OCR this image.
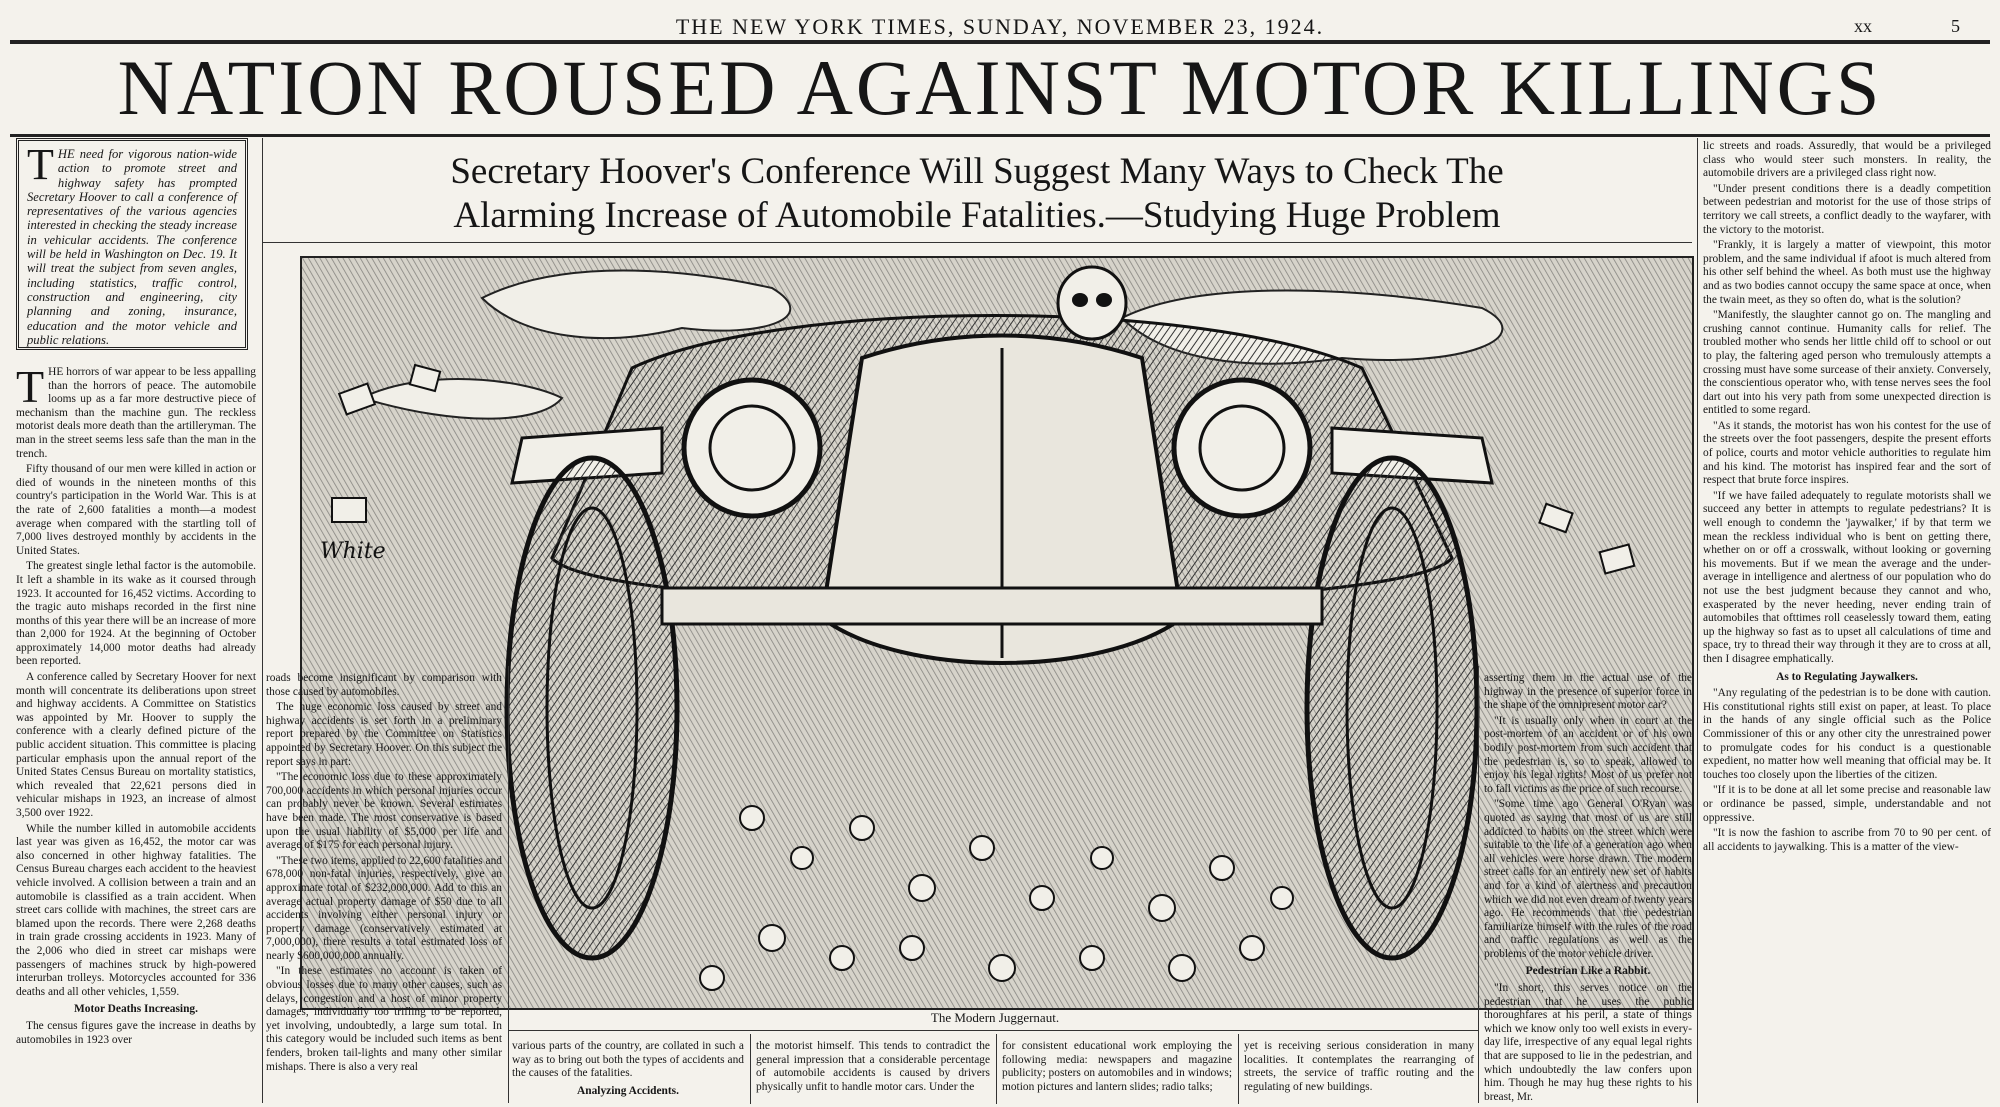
THE NEW YORK TIMES, SUNDAY, NOVEMBER 23, 1924.	xx	5
NATION ROUSED AGAINST MOTOR KILLINGS
Secretary Hoover's Conference Will Suggest Many Ways to Check The
Alarming Increase of Automobile Fatalities.—Studying Huge Problem
THE need for vigorous nation-wide action to promote street and highway safety has prompted Secretary Hoover to call a conference of representatives of the various agencies interested in checking the steady increase in vehicular accidents. The conference will be held in Washington on Dec. 19. It will treat the subject from seven angles, including statistics, traffic control, construction and engineering, city planning and zoning, insurance, education and the motor vehicle and public relations.

THE horrors of war appear to be less appalling than the horrors of peace. The automobile looms up as a far more destructive piece of mechanism than the machine gun. The reckless motorist deals more death than the artilleryman. The man in the street seems less safe than the man in the trench.

Fifty thousand of our men were killed in action or died of wounds in the nineteen months of this country's participation in the World War. This is at the rate of 2,600 fatalities a month—a modest average when compared with the startling toll of 7,000 lives destroyed monthly by accidents in the United States.

The greatest single lethal factor is the automobile. It left a shamble in its wake as it coursed through 1923. It accounted for 16,452 victims. According to the tragic auto mishaps recorded in the first nine months of this year there will be an increase of more than 2,000 for 1924. At the beginning of October approximately 14,000 motor deaths had already been reported.

A conference called by Secretary Hoover for next month will concentrate its deliberations upon street and highway accidents. A Committee on Statistics was appointed by Mr. Hoover to supply the conference with a clearly defined picture of the public accident situation. This committee is placing particular emphasis upon the annual report of the United States Census Bureau on mortality statistics, which revealed that 22,621 persons died in vehicular mishaps in 1923, an increase of almost 3,500 over 1922.

While the number killed in automobile accidents last year was given as 16,452, the motor car was also concerned in other highway fatalities. The Census Bureau charges each accident to the heaviest vehicle involved. A collision between a train and an automobile is classified as a train accident. When street cars collide with machines, the street cars are blamed upon the records. There were 2,268 deaths in train grade crossing accidents in 1923. Many of the 2,006 who died in street car mishaps were passengers of machines struck by high-powered interurban trolleys. Motorcycles accounted for 336 deaths and all other vehicles, 1,559.

Motor Deaths Increasing.

The census figures gave the increase in deaths by automobiles in 1923 over

White
The Modern Juggernaut.

roads become insignificant by comparison with those caused by automobiles.

The huge economic loss caused by street and highway accidents is set forth in a preliminary report prepared by the Committee on Statistics appointed by Secretary Hoover. On this subject the report says in part:

"The economic loss due to these approximately 700,000 accidents in which personal injuries occur can probably never be known. Several estimates have been made. The most conservative is based upon the usual liability of $5,000 per life and average of $175 for each personal injury.

"These two items, applied to 22,600 fatalities and 678,000 non-fatal injuries, respectively, give an approximate total of $232,000,000. Add to this an average actual property damage of $50 due to all accidents involving either personal injury or property damage (conservatively estimated at 7,000,000), there results a total estimated loss of nearly $600,000,000 annually.

"In these estimates no account is taken of obvious losses due to many other causes, such as delays, congestion and a host of minor property damages, individually too trifling to be reported, yet involving, undoubtedly, a large sum total. In this category would be included such items as bent fenders, broken tail-lights and many other similar mishaps. There is also a very real

asserting them in the actual use of the highway in the presence of superior force in the shape of the omnipresent motor car?

"It is usually only when in court at the post-mortem of an accident or of his own bodily post-mortem from such accident that the pedestrian is, so to speak, allowed to enjoy his legal rights! Most of us prefer not to fall victims as the price of such recourse.

"Some time ago General O'Ryan was quoted as saying that most of us are still addicted to habits on the street which were suitable to the life of a generation ago when all vehicles were horse drawn. The modern street calls for an entirely new set of habits and for a kind of alertness and precaution which we did not even dream of twenty years ago. He recommends that the pedestrian familiarize himself with the rules of the road and traffic regulations as well as the problems of the motor vehicle driver.

Pedestrian Like a Rabbit.

"In short, this serves notice on the pedestrian that he uses the public thoroughfares at his peril, a state of things which we know only too well exists in every-day life, irrespective of any equal legal rights that are supposed to lie in the pedestrian, and which undoubtedly the law confers upon him. Though he may hug these rights to his breast, Mr.

various parts of the country, are collated in such a way as to bring out both the types of accidents and the causes of the fatalities.

Analyzing Accidents.

the motorist himself. This tends to contradict the general impression that a considerable percentage of automobile accidents is caused by drivers physically unfit to handle motor cars. Under the
for consistent educational work employing the following media: newspapers and magazine publicity; posters on automobiles and in windows; motion pictures and lantern slides; radio talks;
yet is receiving serious consideration in many localities. It contemplates the rearranging of streets, the service of traffic routing and the regulating of new buildings.

lic streets and roads. Assuredly, that would be a privileged class who would steer such monsters. In reality, the automobile drivers are a privileged class right now.

"Under present conditions there is a deadly competition between pedestrian and motorist for the use of those strips of territory we call streets, a conflict deadly to the wayfarer, with the victory to the motorist.

"Frankly, it is largely a matter of viewpoint, this motor problem, and the same individual if afoot is much altered from his other self behind the wheel. As both must use the highway and as two bodies cannot occupy the same space at once, when the twain meet, as they so often do, what is the solution?

"Manifestly, the slaughter cannot go on. The mangling and crushing cannot continue. Humanity calls for relief. The troubled mother who sends her little child off to school or out to play, the faltering aged person who tremulously attempts a crossing must have some surcease of their anxiety. Conversely, the conscientious operator who, with tense nerves sees the fool dart out into his very path from some unexpected direction is entitled to some regard.

"As it stands, the motorist has won his contest for the use of the streets over the foot passengers, despite the present efforts of police, courts and motor vehicle authorities to regulate him and his kind. The motorist has inspired fear and the sort of respect that brute force inspires.

"If we have failed adequately to regulate motorists shall we succeed any better in attempts to regulate pedestrians? It is well enough to condemn the 'jaywalker,' if by that term we mean the reckless individual who is bent on getting there, whether on or off a crosswalk, without looking or governing his movements. But if we mean the average and the under-average in intelligence and alertness of our population who do not use the best judgment because they cannot and who, exasperated by the never heeding, never ending train of automobiles that ofttimes roll ceaselessly toward them, eating up the highway so fast as to upset all calculations of time and space, try to thread their way through it they are to cross at all, then I disagree emphatically.

As to Regulating Jaywalkers.

"Any regulating of the pedestrian is to be done with caution. His constitutional rights still exist on paper, at least. To place in the hands of any single official such as the Police Commissioner of this or any other city the unrestrained power to promulgate codes for his conduct is a questionable expedient, no matter how well meaning that official may be. It touches too closely upon the liberties of the citizen.

"If it is to be done at all let some precise and reasonable law or ordinance be passed, simple, understandable and not oppressive.

"It is now the fashion to ascribe from 70 to 90 per cent. of all accidents to jaywalking. This is a matter of the view-
